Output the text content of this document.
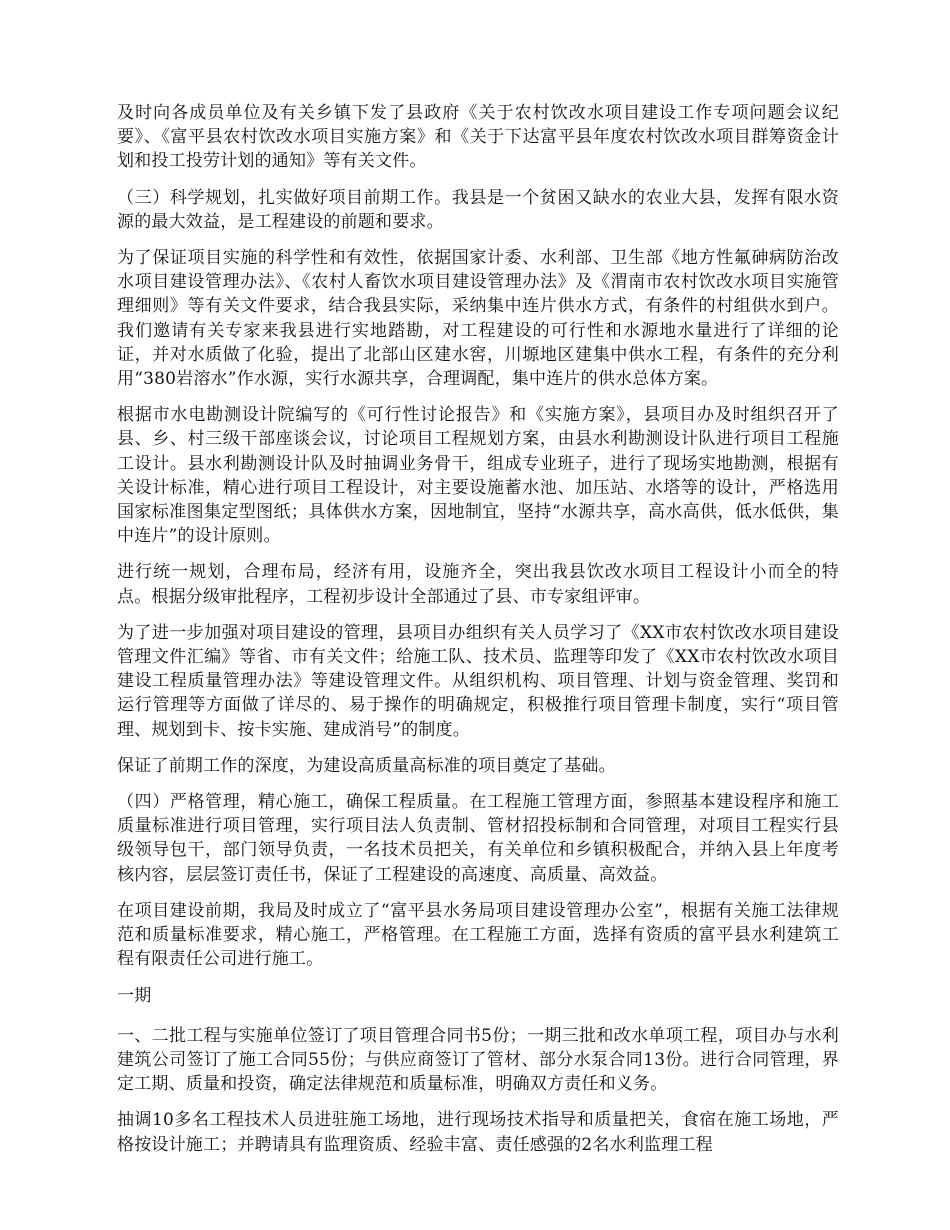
及时向各成员单位及有关乡镇下发了县政府《关于农村饮改水项目建设工作专项问题会议纪要》、《富平县农村饮改水项目实施方案》和《关于下达富平县年度农村饮改水项目群筹资金计划和投工投劳计划的通知》等有关文件。

（三）科学规划，扎实做好项目前期工作。我县是一个贫困又缺水的农业大县，发挥有限水资源的最大效益，是工程建设的前题和要求。

为了保证项目实施的科学性和有效性，依据国家计委、水利部、卫生部《地方性氟砷病防治改水项目建设管理办法》、《农村人畜饮水项目建设管理办法》及《渭南市农村饮改水项目实施管理细则》等有关文件要求，结合我县实际，采纳集中连片供水方式，有条件的村组供水到户。我们邀请有关专家来我县进行实地踏勘，对工程建设的可行性和水源地水量进行了详细的论证，并对水质做了化验，提出了北部山区建水窖，川塬地区建集中供水工程，有条件的充分利用“380岩溶水”作水源，实行水源共享，合理调配，集中连片的供水总体方案。

根据市水电勘测设计院编写的《可行性讨论报告》和《实施方案》，县项目办及时组织召开了县、乡、村三级干部座谈会议，讨论项目工程规划方案，由县水利勘测设计队进行项目工程施工设计。县水利勘测设计队及时抽调业务骨干，组成专业班子，进行了现场实地勘测，根据有关设计标准，精心进行项目工程设计，对主要设施蓄水池、加压站、水塔等的设计，严格选用国家标准图集定型图纸；具体供水方案，因地制宜，坚持“水源共享，高水高供，低水低供，集中连片”的设计原则。

进行统一规划，合理布局，经济有用，设施齐全，突出我县饮改水项目工程设计小而全的特点。根据分级审批程序，工程初步设计全部通过了县、市专家组评审。

为了进一步加强对项目建设的管理，县项目办组织有关人员学习了《XX市农村饮改水项目建设管理文件汇编》等省、市有关文件；给施工队、技术员、监理等印发了《XX市农村饮改水项目建设工程质量管理办法》等建设管理文件。从组织机构、项目管理、计划与资金管理、奖罚和运行管理等方面做了详尽的、易于操作的明确规定，积极推行项目管理卡制度，实行“项目管理、规划到卡、按卡实施、建成消号”的制度。

保证了前期工作的深度，为建设高质量高标准的项目奠定了基础。

（四）严格管理，精心施工，确保工程质量。在工程施工管理方面，参照基本建设程序和施工质量标准进行项目管理，实行项目法人负责制、管材招投标制和合同管理，对项目工程实行县级领导包干，部门领导负责，一名技术员把关，有关单位和乡镇积极配合，并纳入县上年度考核内容，层层签订责任书，保证了工程建设的高速度、高质量、高效益。

在项目建设前期，我局及时成立了“富平县水务局项目建设管理办公室”，根据有关施工法律规范和质量标准要求，精心施工，严格管理。在工程施工方面，选择有资质的富平县水利建筑工程有限责任公司进行施工。

一期

一、二批工程与实施单位签订了项目管理合同书5份；一期三批和改水单项工程，项目办与水利建筑公司签订了施工合同55份；与供应商签订了管材、部分水泵合同13份。进行合同管理，界定工期、质量和投资，确定法律规范和质量标准，明确双方责任和义务。

抽调10多名工程技术人员进驻施工场地，进行现场技术指导和质量把关，食宿在施工场地，严格按设计施工；并聘请具有监理资质、经验丰富、责任感强的2名水利监理工程
